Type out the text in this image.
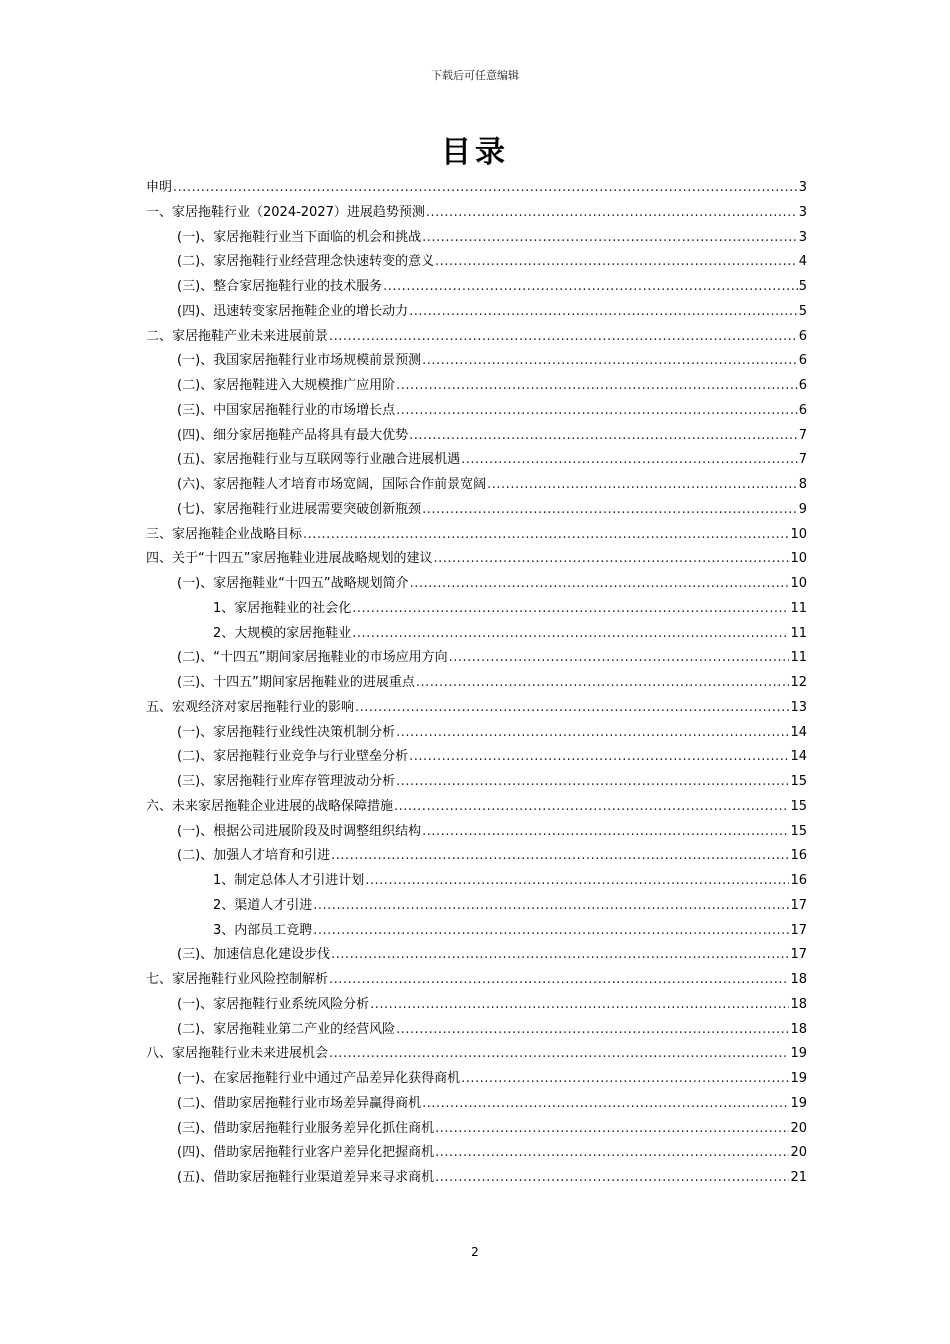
下载后可任意编辑
目录
申明 .....	3
一、家居拖鞋行业（2024-2027）进展趋势预测 .....	3
(一)、家居拖鞋行业当下面临的机会和挑战 .....	3
(二)、家居拖鞋行业经营理念快速转变的意义 .....	4
(三)、整合家居拖鞋行业的技术服务 .....	5
(四)、迅速转变家居拖鞋企业的增长动力 .....	5
二、家居拖鞋产业未来进展前景 .....	6
(一)、我国家居拖鞋行业市场规模前景预测 .....	6
(二)、家居拖鞋进入大规模推广应用阶 .....	6
(三)、中国家居拖鞋行业的市场增长点 .....	6
(四)、细分家居拖鞋产品将具有最大优势 .....	7
(五)、家居拖鞋行业与互联网等行业融合进展机遇 .....	7
(六)、家居拖鞋人才培育市场宽阔，国际合作前景宽阔 .....	8
(七)、家居拖鞋行业进展需要突破创新瓶颈 .....	9
三、家居拖鞋企业战略目标 .....	10
四、关于“十四五”家居拖鞋业进展战略规划的建议 .....	10
(一)、家居拖鞋业“十四五”战略规划简介 .....	10
1、家居拖鞋业的社会化 .....	11
2、大规模的家居拖鞋业 .....	11
(二)、“十四五”期间家居拖鞋业的市场应用方向 .....	11
(三)、十四五”期间家居拖鞋业的进展重点 .....	12
五、宏观经济对家居拖鞋行业的影响 .....	13
(一)、家居拖鞋行业线性决策机制分析 .....	14
(二)、家居拖鞋行业竞争与行业壁垒分析 .....	14
(三)、家居拖鞋行业库存管理波动分析 .....	15
六、未来家居拖鞋企业进展的战略保障措施 .....	15
(一)、根据公司进展阶段及时调整组织结构 .....	15
(二)、加强人才培育和引进 .....	16
1、制定总体人才引进计划 .....	16
2、渠道人才引进 .....	17
3、内部员工竞聘 .....	17
(三)、加速信息化建设步伐 .....	17
七、家居拖鞋行业风险控制解析 .....	18
(一)、家居拖鞋行业系统风险分析 .....	18
(二)、家居拖鞋业第二产业的经营风险 .....	18
八、家居拖鞋行业未来进展机会 .....	19
(一)、在家居拖鞋行业中通过产品差异化获得商机 .....	19
(二)、借助家居拖鞋行业市场差异赢得商机 .....	19
(三)、借助家居拖鞋行业服务差异化抓住商机 .....	20
(四)、借助家居拖鞋行业客户差异化把握商机 .....	20
(五)、借助家居拖鞋行业渠道差异来寻求商机 .....	21
2
